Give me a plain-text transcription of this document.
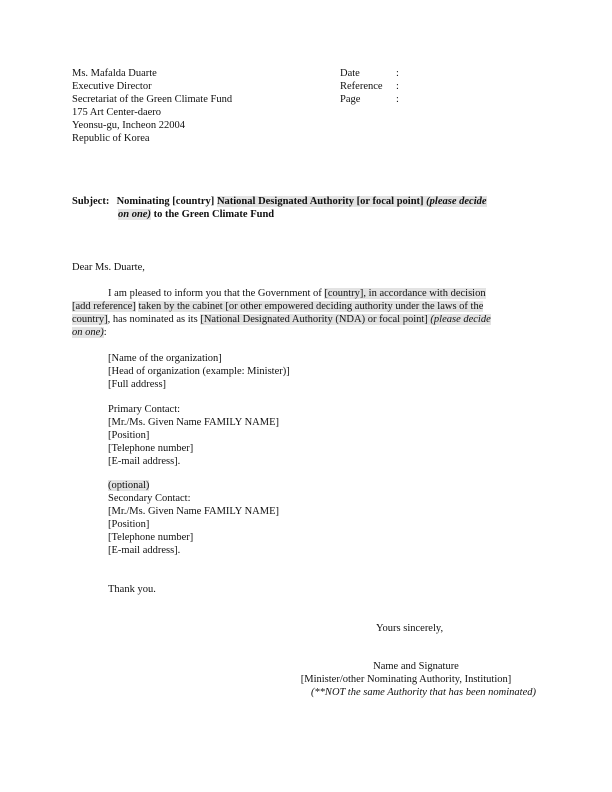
Ms. Mafalda Duarte
Executive Director
Secretariat of the Green Climate Fund
175 Art Center-daero
Yeonsu-gu, Incheon 22004
Republic of Korea
Date	:
Reference :
Page	:
Subject: Nominating [country] National Designated Authority [or focal point] (please decide
on one) to the Green Climate Fund
Dear Ms. Duarte,
I am pleased to inform you that the Government of [country], in accordance with decision
[add reference] taken by the cabinet [or other empowered deciding authority under the laws of the
country], has nominated as its [National Designated Authority (NDA) or focal point] (please decide
on one):
[Name of the organization]
[Head of organization (example: Minister)]
[Full address]
Primary Contact:
[Mr./Ms. Given Name FAMILY NAME]
[Position]
[Telephone number]
[E-mail address].
(optional)
Secondary Contact:
[Mr./Ms. Given Name FAMILY NAME]
[Position]
[Telephone number]
[E-mail address].
Thank you.
Yours sincerely,
Name and Signature
[Minister/other Nominating Authority, Institution]
(**NOT the same Authority that has been nominated)
